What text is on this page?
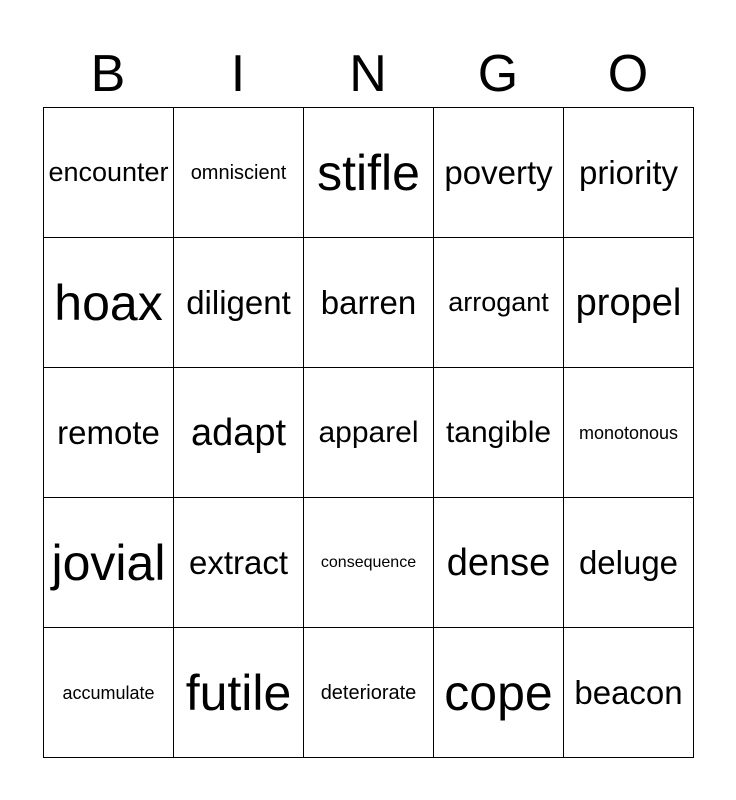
B	I	N	G	O
encounter omniscient stifle poverty priority
hoax diligent barren arrogant propel
remote adapt apparel tangible monotonous
jovial extract consequence dense deluge
accumulate futile deteriorate cope beacon
